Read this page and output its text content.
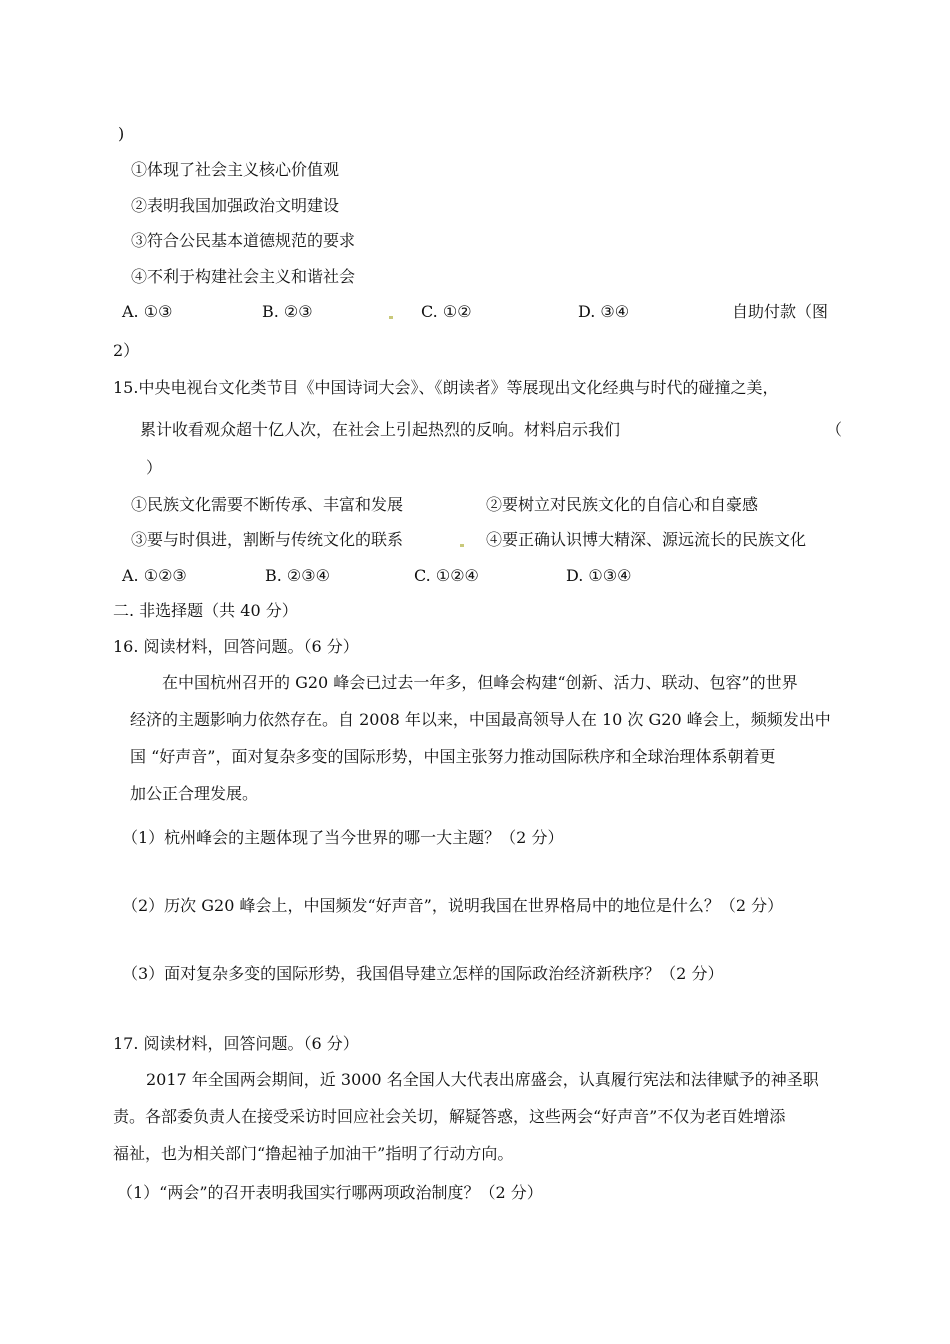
)
①体现了社会主义核心价值观
②表明我国加强政治文明建设
③符合公民基本道德规范的要求
④不利于构建社会主义和谐社会
A. ①③	B. ②③	C. ①②	D. ③④	自助付款（图
2）
15.中央电视台文化类节目《中国诗词大会》、《朗读者》等展现出文化经典与时代的碰撞之美，
累计收看观众超十亿人次，在社会上引起热烈的反响。材料启示我们	（
）
①民族文化需要不断传承、丰富和发展	②要树立对民族文化的自信心和自豪感
③要与时俱进，割断与传统文化的联系	④要正确认识博大精深、源远流长的民族文化
A. ①②③	B. ②③④	C. ①②④	D. ①③④
二. 非选择题（共 40 分）
16. 阅读材料，回答问题。（6 分）
在中国杭州召开的 G20 峰会已过去一年多，但峰会构建“创新、活力、联动、包容”的世界
经济的主题影响力依然存在。自 2008 年以来，中国最高领导人在 10 次 G20 峰会上，频频发出中
国 “好声音”，面对复杂多变的国际形势，中国主张努力推动国际秩序和全球治理体系朝着更
加公正合理发展。
（1）杭州峰会的主题体现了当今世界的哪一大主题？（2 分）
（2）历次 G20 峰会上，中国频发“好声音”，说明我国在世界格局中的地位是什么？（2 分）
（3）面对复杂多变的国际形势，我国倡导建立怎样的国际政治经济新秩序？（2 分）
17. 阅读材料，回答问题。（6 分）
2017 年全国两会期间，近 3000 名全国人大代表出席盛会，认真履行宪法和法律赋予的神圣职
责。各部委负责人在接受采访时回应社会关切，解疑答惑，这些两会“好声音”不仅为老百姓增添
福祉，也为相关部门“撸起袖子加油干”指明了行动方向。
（1）“两会”的召开表明我国实行哪两项政治制度？（2 分）
